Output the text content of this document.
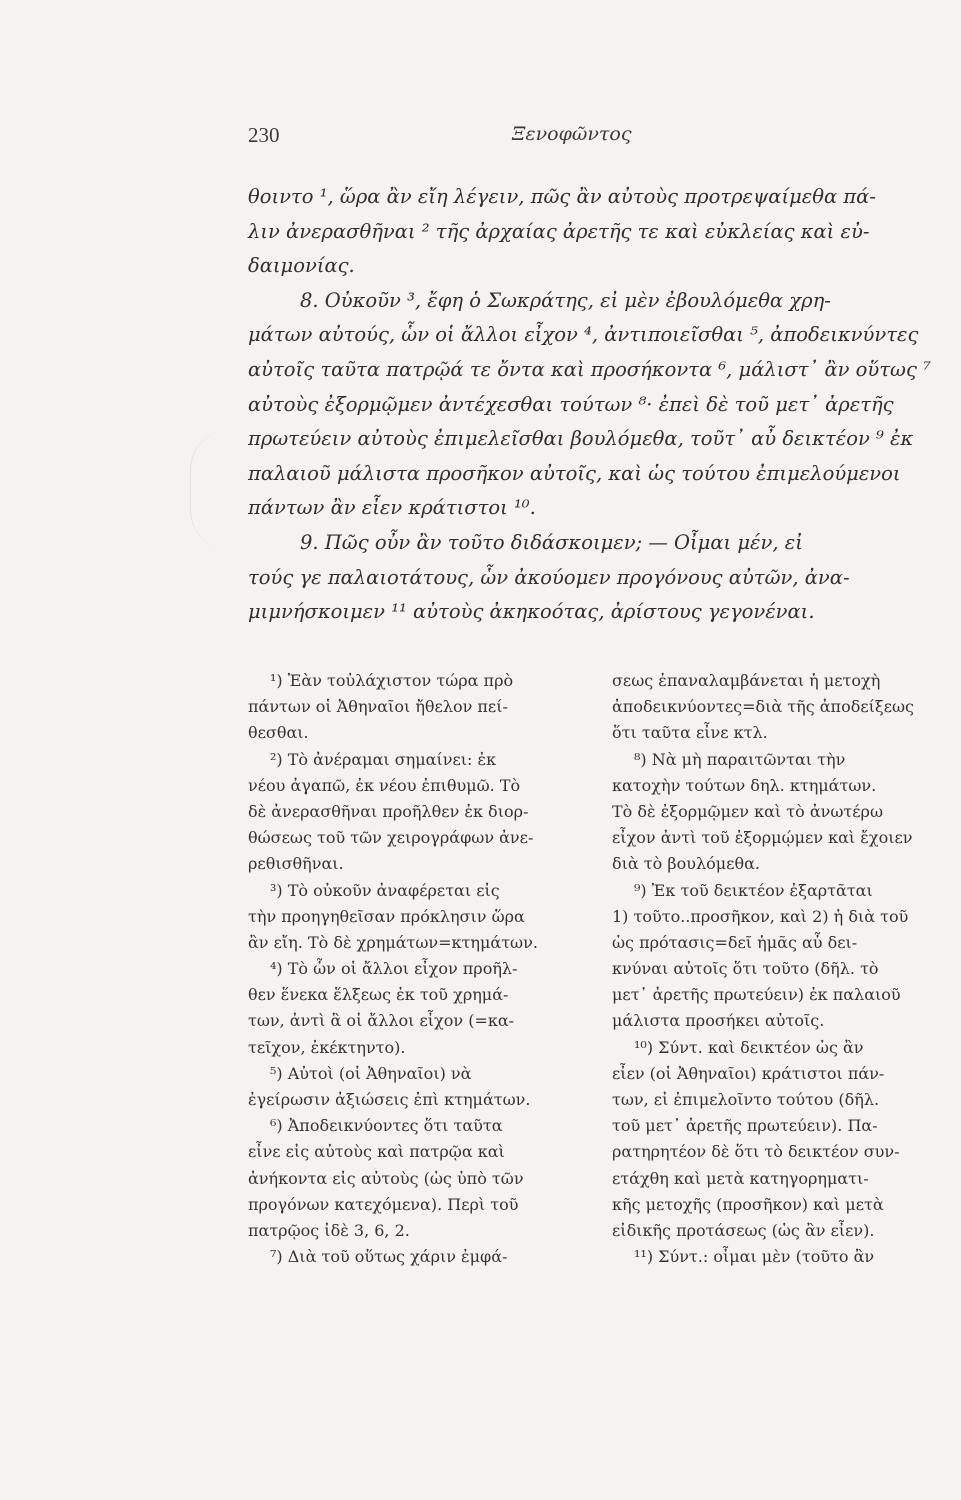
230	Ξενοφῶντος
θοιντο ¹, ὥρα ἂν εἴη λέγειν, πῶς ἂν αὐτοὺς προτρεψαίμεθα πά-
λιν ἀνερασθῆναι ² τῆς ἀρχαίας ἀρετῆς τε καὶ εὐκλείας καὶ εὐ-
δαιμονίας.
8. Οὐκοῦν ³, ἔφη ὁ Σωκράτης, εἰ μὲν ἐβουλόμεθα χρη-
μάτων αὐτούς, ὧν οἱ ἄλλοι εἶχον ⁴, ἀντιποιεῖσθαι ⁵, ἀποδεικνύντες
αὐτοῖς ταῦτα πατρῷά τε ὄντα καὶ προσήκοντα ⁶, μάλιστ᾽ ἂν οὕτως ⁷
αὐτοὺς ἐξορμῷμεν ἀντέχεσθαι τούτων ⁸· ἐπεὶ δὲ τοῦ μετ᾽ ἀρετῆς
πρωτεύειν αὐτοὺς ἐπιμελεῖσθαι βουλόμεθα, τοῦτ᾽ αὖ δεικτέον ⁹ ἐκ
παλαιοῦ μάλιστα προσῆκον αὐτοῖς, καὶ ὡς τούτου ἐπιμελούμενοι
πάντων ἂν εἶεν κράτιστοι ¹⁰.
9. Πῶς οὖν ἂν τοῦτο διδάσκοιμεν; — Οἶμαι μέν, εἰ
τούς γε παλαιοτάτους, ὧν ἀκούομεν προγόνους αὐτῶν, ἀνα-
μιμνήσκοιμεν ¹¹ αὐτοὺς ἀκηκοότας, ἀρίστους γεγονέναι.
¹) Ἐὰν τοὐλάχιστον τώρα πρὸ
πάντων οἱ Ἀθηναῖοι ἤθελον πεί-
θεσθαι.
²) Τὸ ἀνέραμαι σημαίνει: ἐκ
νέου ἀγαπῶ, ἐκ νέου ἐπιθυμῶ. Τὸ
δὲ ἀνερασθῆναι προῆλθεν ἐκ διορ-
θώσεως τοῦ τῶν χειρογράφων ἀνε-
ρεθισθῆναι.
³) Τὸ οὐκοῦν ἀναφέρεται εἰς
τὴν προηγηθεῖσαν πρόκλησιν ὥρα
ἂν εἴη. Τὸ δὲ χρημάτων=κτημάτων.
⁴) Τὸ ὧν οἱ ἄλλοι εἶχον προῆλ-
θεν ἕνεκα ἕλξεως ἐκ τοῦ χρημά-
των, ἀντὶ ἃ οἱ ἄλλοι εἶχον (=κα-
τεῖχον, ἐκέκτηντο).
⁵) Αὐτοὶ (οἱ Ἀθηναῖοι) νὰ
ἐγείρωσιν ἀξιώσεις ἐπὶ κτημάτων.
⁶) Ἀποδεικνύοντες ὅτι ταῦτα
εἶνε εἰς αὐτοὺς καὶ πατρῷα καὶ
ἀνήκοντα εἰς αὐτοὺς (ὡς ὑπὸ τῶν
προγόνων κατεχόμενα). Περὶ τοῦ
πατρῷος ἰδὲ 3, 6, 2.
⁷) Διὰ τοῦ οὕτως χάριν ἐμφά-
σεως ἐπαναλαμβάνεται ἡ μετοχὴ
ἀποδεικνύοντες=διὰ τῆς ἀποδείξεως
ὅτι ταῦτα εἶνε κτλ.
⁸) Νὰ μὴ παραιτῶνται τὴν
κατοχὴν τούτων δηλ. κτημάτων.
Τὸ δὲ ἐξορμῷμεν καὶ τὸ ἀνωτέρω
εἶχον ἀντὶ τοῦ ἐξορμῴμεν καὶ ἔχοιεν
διὰ τὸ βουλόμεθα.
⁹) Ἐκ τοῦ δεικτέον ἐξαρτᾶται
1) τοῦτο..προσῆκον, καὶ 2) ἡ διὰ τοῦ
ὡς πρότασις=δεῖ ἡμᾶς αὖ δει-
κνύναι αὐτοῖς ὅτι τοῦτο (δῆλ. τὸ
μετ᾽ ἀρετῆς πρωτεύειν) ἐκ παλαιοῦ
μάλιστα προσήκει αὐτοῖς.
¹⁰) Σύντ. καὶ δεικτέον ὡς ἂν
εἶεν (οἱ Ἀθηναῖοι) κράτιστοι πάν-
των, εἰ ἐπιμελοῖντο τούτου (δῆλ.
τοῦ μετ᾽ ἀρετῆς πρωτεύειν). Πα-
ρατηρητέον δὲ ὅτι τὸ δεικτέον συν-
ετάχθη καὶ μετὰ κατηγορηματι-
κῆς μετοχῆς (προσῆκον) καὶ μετὰ
εἰδικῆς προτάσεως (ὡς ἂν εἶεν).
¹¹) Σύντ.: οἶμαι μὲν (τοῦτο ἂν
